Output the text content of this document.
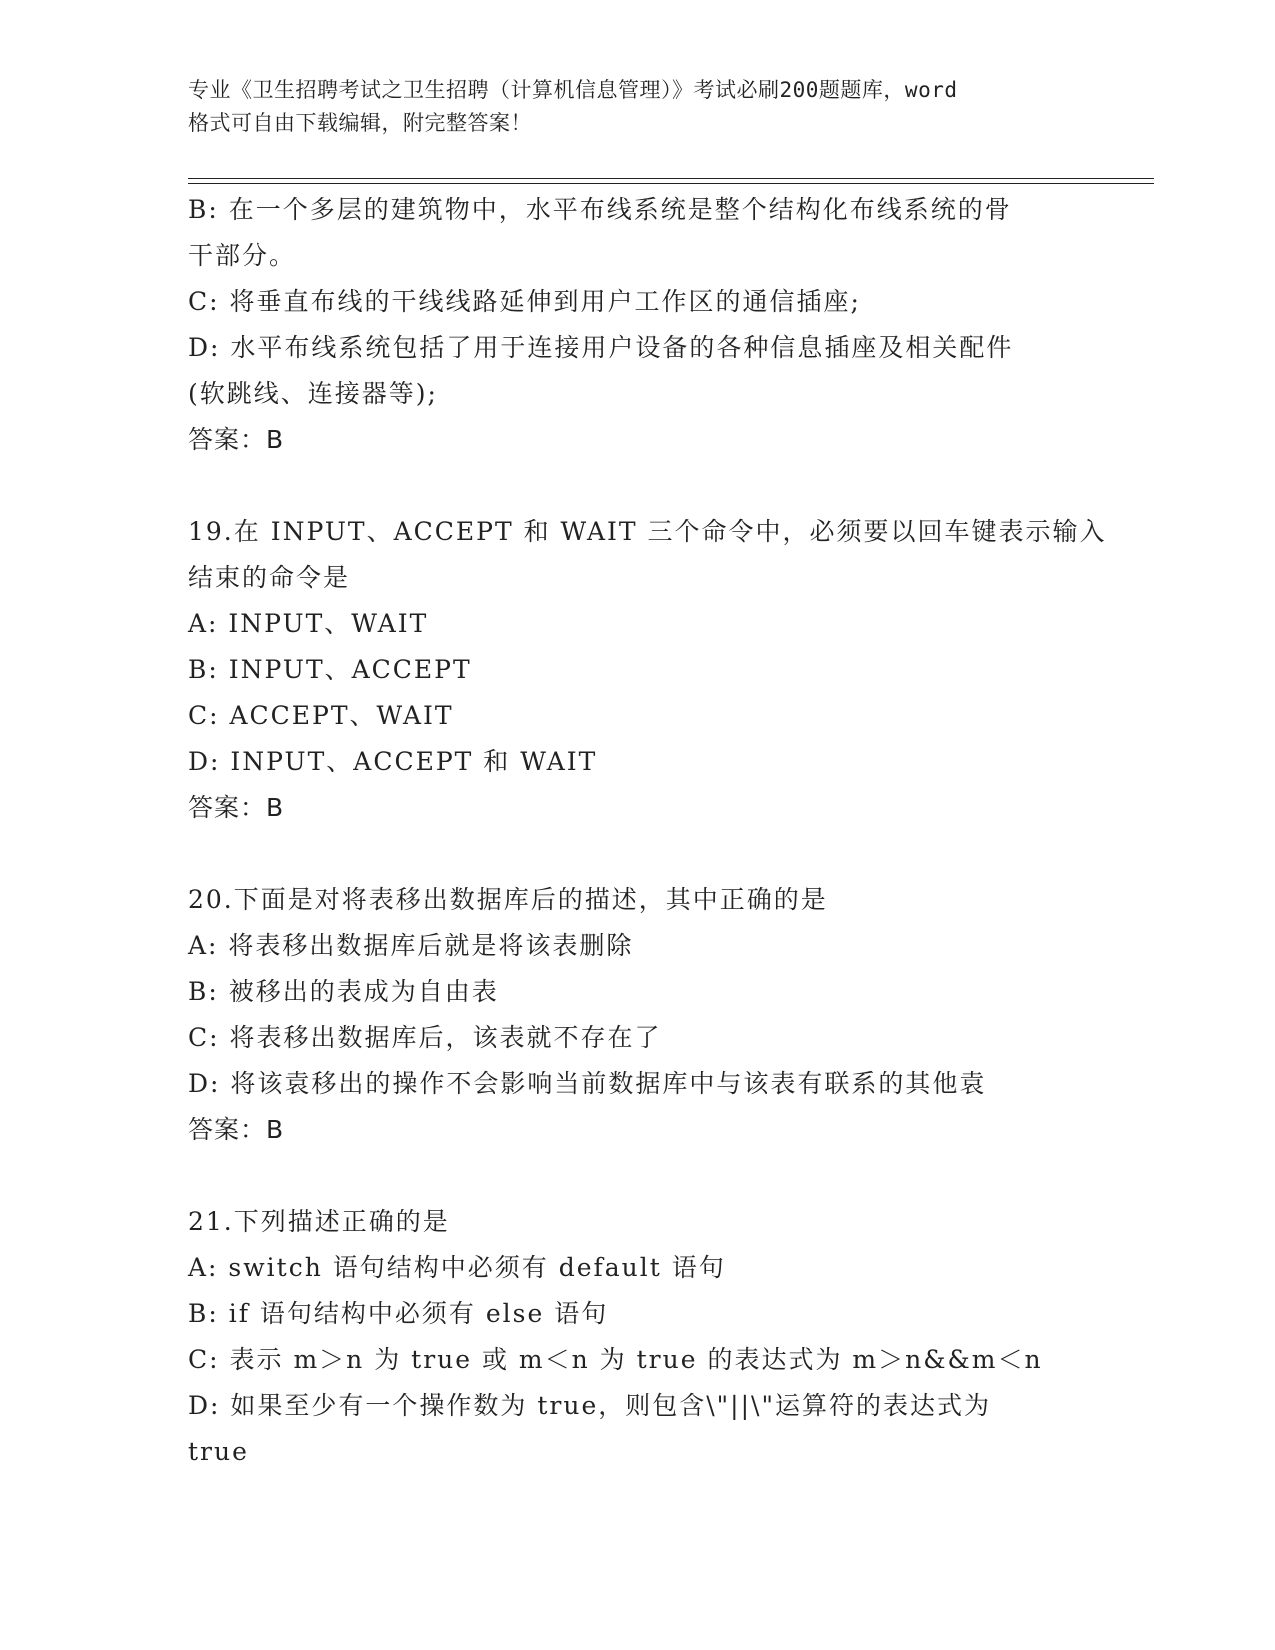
专业《卫生招聘考试之卫生招聘（计算机信息管理）》考试必刷200题题库，word
格式可自由下载编辑，附完整答案！
B: 在一个多层的建筑物中，水平布线系统是整个结构化布线系统的骨
干部分。
C: 将垂直布线的干线线路延伸到用户工作区的通信插座;
D: 水平布线系统包括了用于连接用户设备的各种信息插座及相关配件
(软跳线、连接器等);
答案：B
19.在 INPUT、ACCEPT 和 WAIT 三个命令中，必须要以回车键表示输入
结束的命令是
A: INPUT、WAIT
B: INPUT、ACCEPT
C: ACCEPT、WAIT
D: INPUT、ACCEPT 和 WAIT
答案：B
20.下面是对将表移出数据库后的描述，其中正确的是
A: 将表移出数据库后就是将该表删除
B: 被移出的表成为自由表
C: 将表移出数据库后，该表就不存在了
D: 将该袁移出的操作不会影响当前数据库中与该表有联系的其他袁
答案：B
21.下列描述正确的是
A: switch 语句结构中必须有 default 语句
B: if 语句结构中必须有 else 语句
C: 表示 m＞n 为 true 或 m＜n 为 true 的表达式为 m＞n&&m＜n
D: 如果至少有一个操作数为 true，则包含\"||\"运算符的表达式为
true
